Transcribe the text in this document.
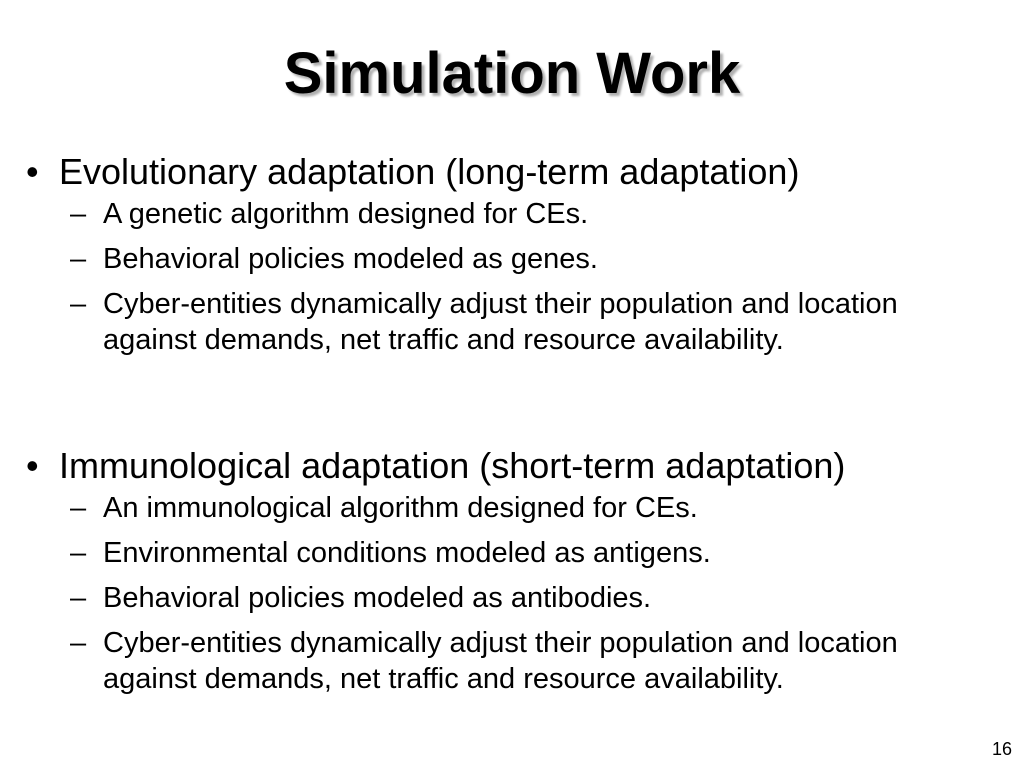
Simulation Work
• Evolutionary adaptation (long-term adaptation)
– A genetic algorithm designed for CEs.
– Behavioral policies modeled as genes.
– Cyber-entities dynamically adjust their population and location against demands, net traffic and resource availability.
• Immunological adaptation (short-term adaptation)
– An immunological algorithm designed for CEs.
– Environmental conditions modeled as antigens.
– Behavioral policies modeled as antibodies.
– Cyber-entities dynamically adjust their population and location against demands, net traffic and resource availability.
16
